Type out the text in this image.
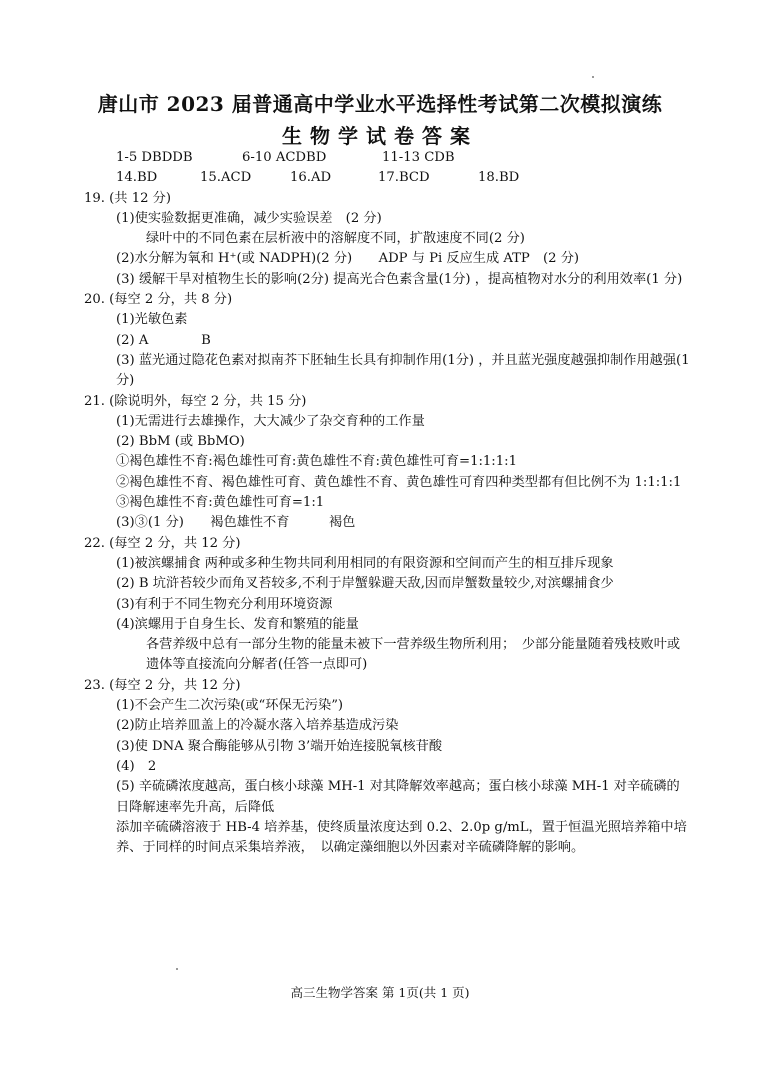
唐山市 2023 届普通高中学业水平选择性考试第二次模拟演练
生物学试卷答案
1-5 DBDDB	6-10 ACDBD	11-13 CDB
14.BD	15.ACD	16.AD	17.BCD	18.BD
19. (共 12 分)
(1)使实验数据更准确，减少实验误差　(2 分)
绿叶中的不同色素在层析液中的溶解度不同，扩散速度不同(2 分)
(2)水分解为氧和 H⁺(或 NADPH)(2 分)　　ADP 与 Pi 反应生成 ATP　(2 分)
(3) 缓解干旱对植物生长的影响(2分) 提高光合色素含量(1分) ，提高植物对水分的利用效率(1 分)
20. (每空 2 分，共 8 分)
(1)光敏色素
(2) A　　　　B
(3) 蓝光通过隐花色素对拟南芥下胚轴生长具有抑制作用(1分) ，并且蓝光强度越强抑制作用越强(1 分)
21. (除说明外，每空 2 分，共 15 分)
(1)无需进行去雄操作，大大减少了杂交育种的工作量
(2) BbM (或 BbMO)
①褐色雄性不育:褐色雄性可育:黄色雄性不育:黄色雄性可育=1:1:1:1
②褐色雄性不育、褐色雄性可育、黄色雄性不育、黄色雄性可育四种类型都有但比例不为 1:1:1:1
③褐色雄性不育:黄色雄性可育=1:1
(3)③(1 分)　　褐色雄性不育　　　褐色
22. (每空 2 分，共 12 分)
(1)被滨螺捕食 两种或多种生物共同利用相同的有限资源和空间而产生的相互排斥现象
(2) B 坑浒苔较少而角叉苔较多,不利于岸蟹躲避天敌,因而岸蟹数量较少,对滨螺捕食少
(3)有利于不同生物充分利用环境资源
(4)滨螺用于自身生长、发育和繁殖的能量
各营养级中总有一部分生物的能量未被下一营养级生物所利用；　少部分能量随着残枝败叶或遗体等直接流向分解者(任答一点即可)
23. (每空 2 分，共 12 分)
(1)不会产生二次污染(或“环保无污染”)
(2)防止培养皿盖上的冷凝水落入培养基造成污染
(3)使 DNA 聚合酶能够从引物 3’端开始连接脱氧核苷酸
(4)　2
(5) 辛硫磷浓度越高，蛋白核小球藻 MH-1 对其降解效率越高；蛋白核小球藻 MH-1 对辛硫磷的日降解速率先升高，后降低
添加辛硫磷溶液于 HB-4 培养基，使终质量浓度达到 0.2、2.0p g/mL，置于恒温光照培养箱中培养、于同样的时间点采集培养液，　以确定藻细胞以外因素对辛硫磷降解的影响。
高三生物学答案 第 1页(共 1 页)
